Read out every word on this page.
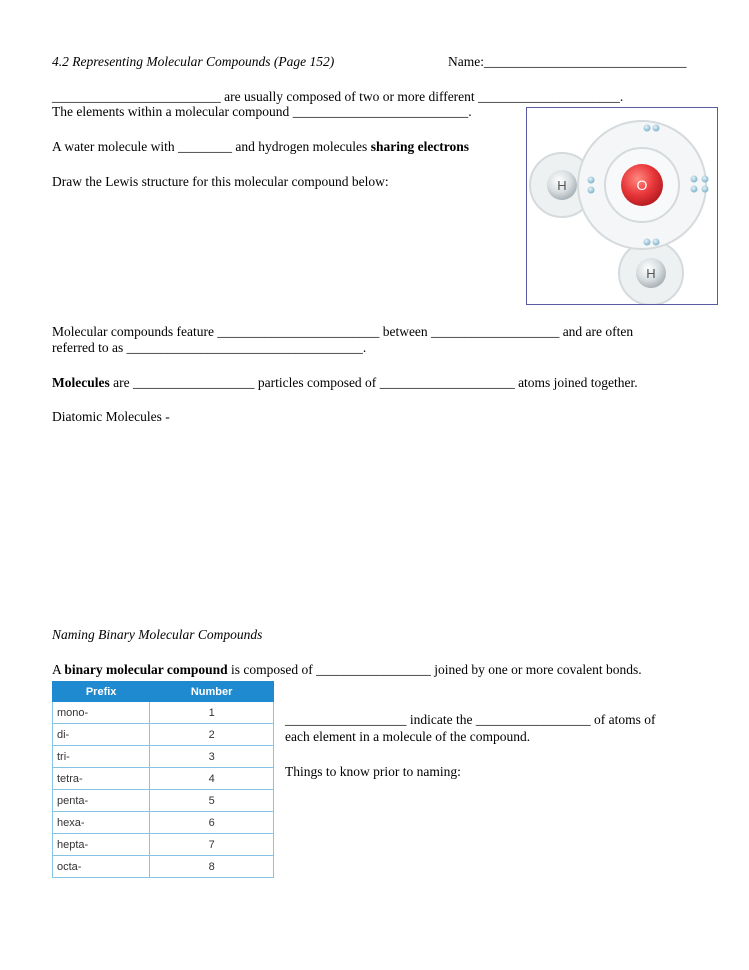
4.2 Representing Molecular Compounds (Page 152)	Name:______________________________
_________________________ are usually composed of two or more different _____________________.
The elements within a molecular compound __________________________.
A water molecule with ________ and hydrogen molecules sharing electrons
Draw the Lewis structure for this molecular compound below:	O
H
H
Molecular compounds feature ________________________ between ___________________ and are often
referred to as ___________________________________.
Molecules are __________________ particles composed of ____________________ atoms joined together.
Diatomic Molecules -
Naming Binary Molecular Compounds
A binary molecular compound is composed of _________________ joined by one or more covalent bonds.
Prefix	Number
mono-	1
di-	2
tri-	3
tetra-	4
penta-	5
hexa-	6
hepta-	7
octa-	8
__________________ indicate the _________________ of atoms of
each element in a molecule of the compound.
Things to know prior to naming:
